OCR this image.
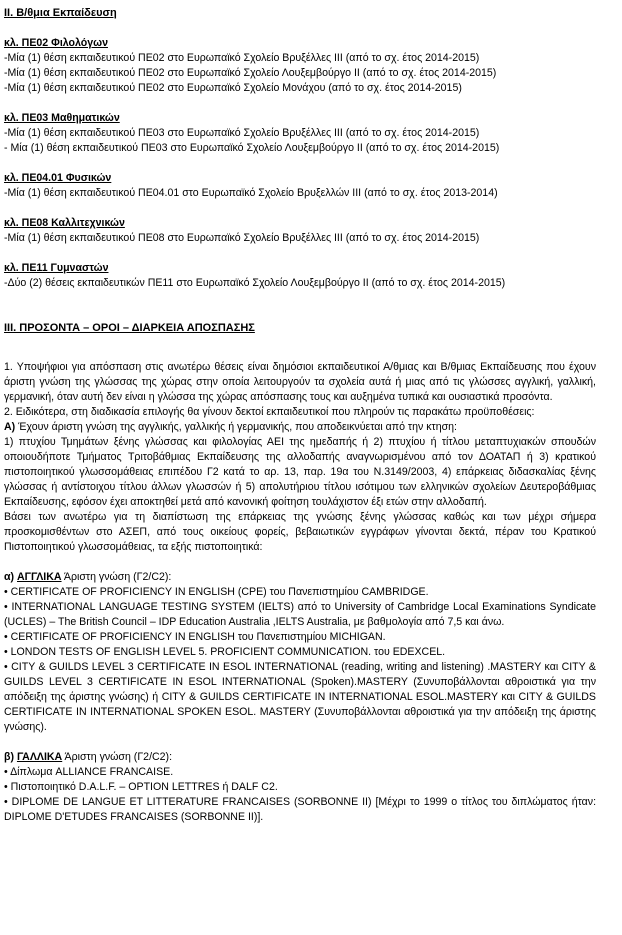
ΙΙ. Β/θμια Εκπαίδευση
κλ. ΠΕ02 Φιλολόγων
-Μία (1) θέση εκπαιδευτικού ΠΕ02 στο Ευρωπαϊκό Σχολείο Βρυξέλλες ΙΙΙ (από το σχ. έτος 2014-2015)
-Μία (1) θέση εκπαιδευτικού ΠΕ02 στο Ευρωπαϊκό Σχολείο Λουξεμβούργο ΙΙ (από το σχ. έτος 2014-2015)
-Μία (1) θέση εκπαιδευτικού ΠΕ02 στο Ευρωπαϊκό Σχολείο Μονάχου (από το σχ. έτος 2014-2015)
κλ. ΠΕ03 Μαθηματικών
-Μία (1) θέση εκπαιδευτικού ΠΕ03 στο Ευρωπαϊκό Σχολείο Βρυξέλλες ΙΙΙ (από το σχ. έτος 2014-2015)
- Μία (1) θέση εκπαιδευτικού ΠΕ03 στο Ευρωπαϊκό Σχολείο Λουξεμβούργο ΙΙ (από το σχ. έτος 2014-2015)
κλ. ΠΕ04.01 Φυσικών
-Μία (1) θέση εκπαιδευτικού ΠΕ04.01 στο Ευρωπαϊκό Σχολείο Βρυξελλών ΙΙΙ (από το σχ. έτος 2013-2014)
κλ. ΠΕ08 Καλλιτεχνικών
-Μία (1) θέση εκπαιδευτικού ΠΕ08 στο Ευρωπαϊκό Σχολείο Βρυξέλλες ΙΙΙ (από το σχ. έτος 2014-2015)
κλ. ΠΕ11 Γυμναστών
-Δύο (2) θέσεις εκπαιδευτικών ΠΕ11 στο Ευρωπαϊκό Σχολείο Λουξεμβούργο ΙΙ (από το σχ. έτος 2014-2015)
ΙΙΙ. ΠΡΟΣΟΝΤΑ – ΟΡΟΙ – ΔΙΑΡΚΕΙΑ ΑΠΟΣΠΑΣΗΣ
1. Υποψήφιοι για απόσπαση στις ανωτέρω θέσεις είναι δημόσιοι εκπαιδευτικοί Α/θμιας και Β/θμιας Εκπαίδευσης που έχουν άριστη γνώση της γλώσσας της χώρας στην οποία λειτουργούν τα σχολεία αυτά ή μιας από τις γλώσσες αγγλική, γαλλική, γερμανική, όταν αυτή δεν είναι η γλώσσα της χώρας απόσπασης τους και αυξημένα τυπικά και ουσιαστικά προσόντα.
2. Ειδικότερα, στη διαδικασία επιλογής θα γίνουν δεκτοί εκπαιδευτικοί που πληρούν τις παρακάτω προϋποθέσεις:
Α) Έχουν άριστη γνώση της αγγλικής, γαλλικής ή γερμανικής, που αποδεικνύεται από την κτηση:
1) πτυχίου Τμημάτων ξένης γλώσσας και φιλολογίας ΑΕΙ της ημεδαπής ή 2) πτυχίου ή τίτλου μεταπτυχιακών σπουδών οποιουδήποτε Τμήματος Τριτοβάθμιας Εκπαίδευσης της αλλοδαπής αναγνωρισμένου από τον ΔΟΑΤΑΠ ή 3) κρατικού πιστοποιητικού γλωσσομάθειας επιπέδου Γ2 κατά το αρ. 13, παρ. 19α του Ν.3149/2003, 4) επάρκειας διδασκαλίας ξένης γλώσσας ή αντίστοιχου τίτλου άλλων γλωσσών ή 5) απολυτήριου τίτλου ισότιμου των ελληνικών σχολείων Δευτεροβάθμιας Εκπαίδευσης, εφόσον έχει αποκτηθεί μετά από κανονική φοίτηση τουλάχιστον έξι ετών στην αλλοδαπή.
Βάσει των ανωτέρω για τη διαπίστωση της επάρκειας της γνώσης ξένης γλώσσας καθώς και των μέχρι σήμερα προσκομισθέντων στο ΑΣΕΠ, από τους οικείους φορείς, βεβαιωτικών εγγράφων γίνονται δεκτά, πέραν του Κρατικού Πιστοποιητικού γλωσσομάθειας, τα εξής πιστοποιητικά:
α) ΑΓΓΛΙΚΑ Άριστη γνώση (Γ2/C2):
• CERTIFICATE OF PROFICIENCY IN ENGLISH (CPE) του Πανεπιστημίου CAMBRIDGE.
• INTERNATIONAL LANGUAGE TESTING SYSTEM (IELTS) από το University of Cambridge Local Examinations Syndicate (UCLES) – The British Council – IDP Education Australia ,IELTS Australia, με βαθμολογία από 7,5 και άνω.
• CERTIFICATE OF PROFICIENCY IN ENGLISH του Πανεπιστημίου MICHIGAN.
• LONDON TESTS OF ENGLISH LEVEL 5. PROFICIENT COMMUNICATION. του EDEXCEL.
• CITY & GUILDS LEVEL 3 CERTIFICATE IN ESOL INTERNATIONAL (reading, writing and listening) .MASTERY και CITY & GUILDS LEVEL 3 CERTIFICATE IN ESOL INTERNATIONAL (Spoken).MASTERY (Συνυποβάλλονται αθροιστικά για την απόδειξη της άριστης γνώσης) ή CITY & GUILDS CERTIFICATE IN INTERNATIONAL ESOL.MASTERY και CITY & GUILDS CERTIFICATE IN INTERNATIONAL SPOKEN ESOL. MASTERY (Συνυποβάλλονται αθροιστικά για την απόδειξη της άριστης γνώσης).
β) ΓΑΛΛΙΚΑ Άριστη γνώση (Γ2/C2):
• Δίπλωμα ALLIANCE FRANCAISE.
• Πιστοποιητικό D.A.L.F. – OPTION LETTRES ή DALF C2.
• DIPLOME DE LANGUE ET LITTERATURE FRANCAISES (SORBONNE II) [Μέχρι το 1999 ο τίτλος του διπλώματος ήταν: DIPLOME D'ETUDES FRANCAISES (SORBONNE II)].
